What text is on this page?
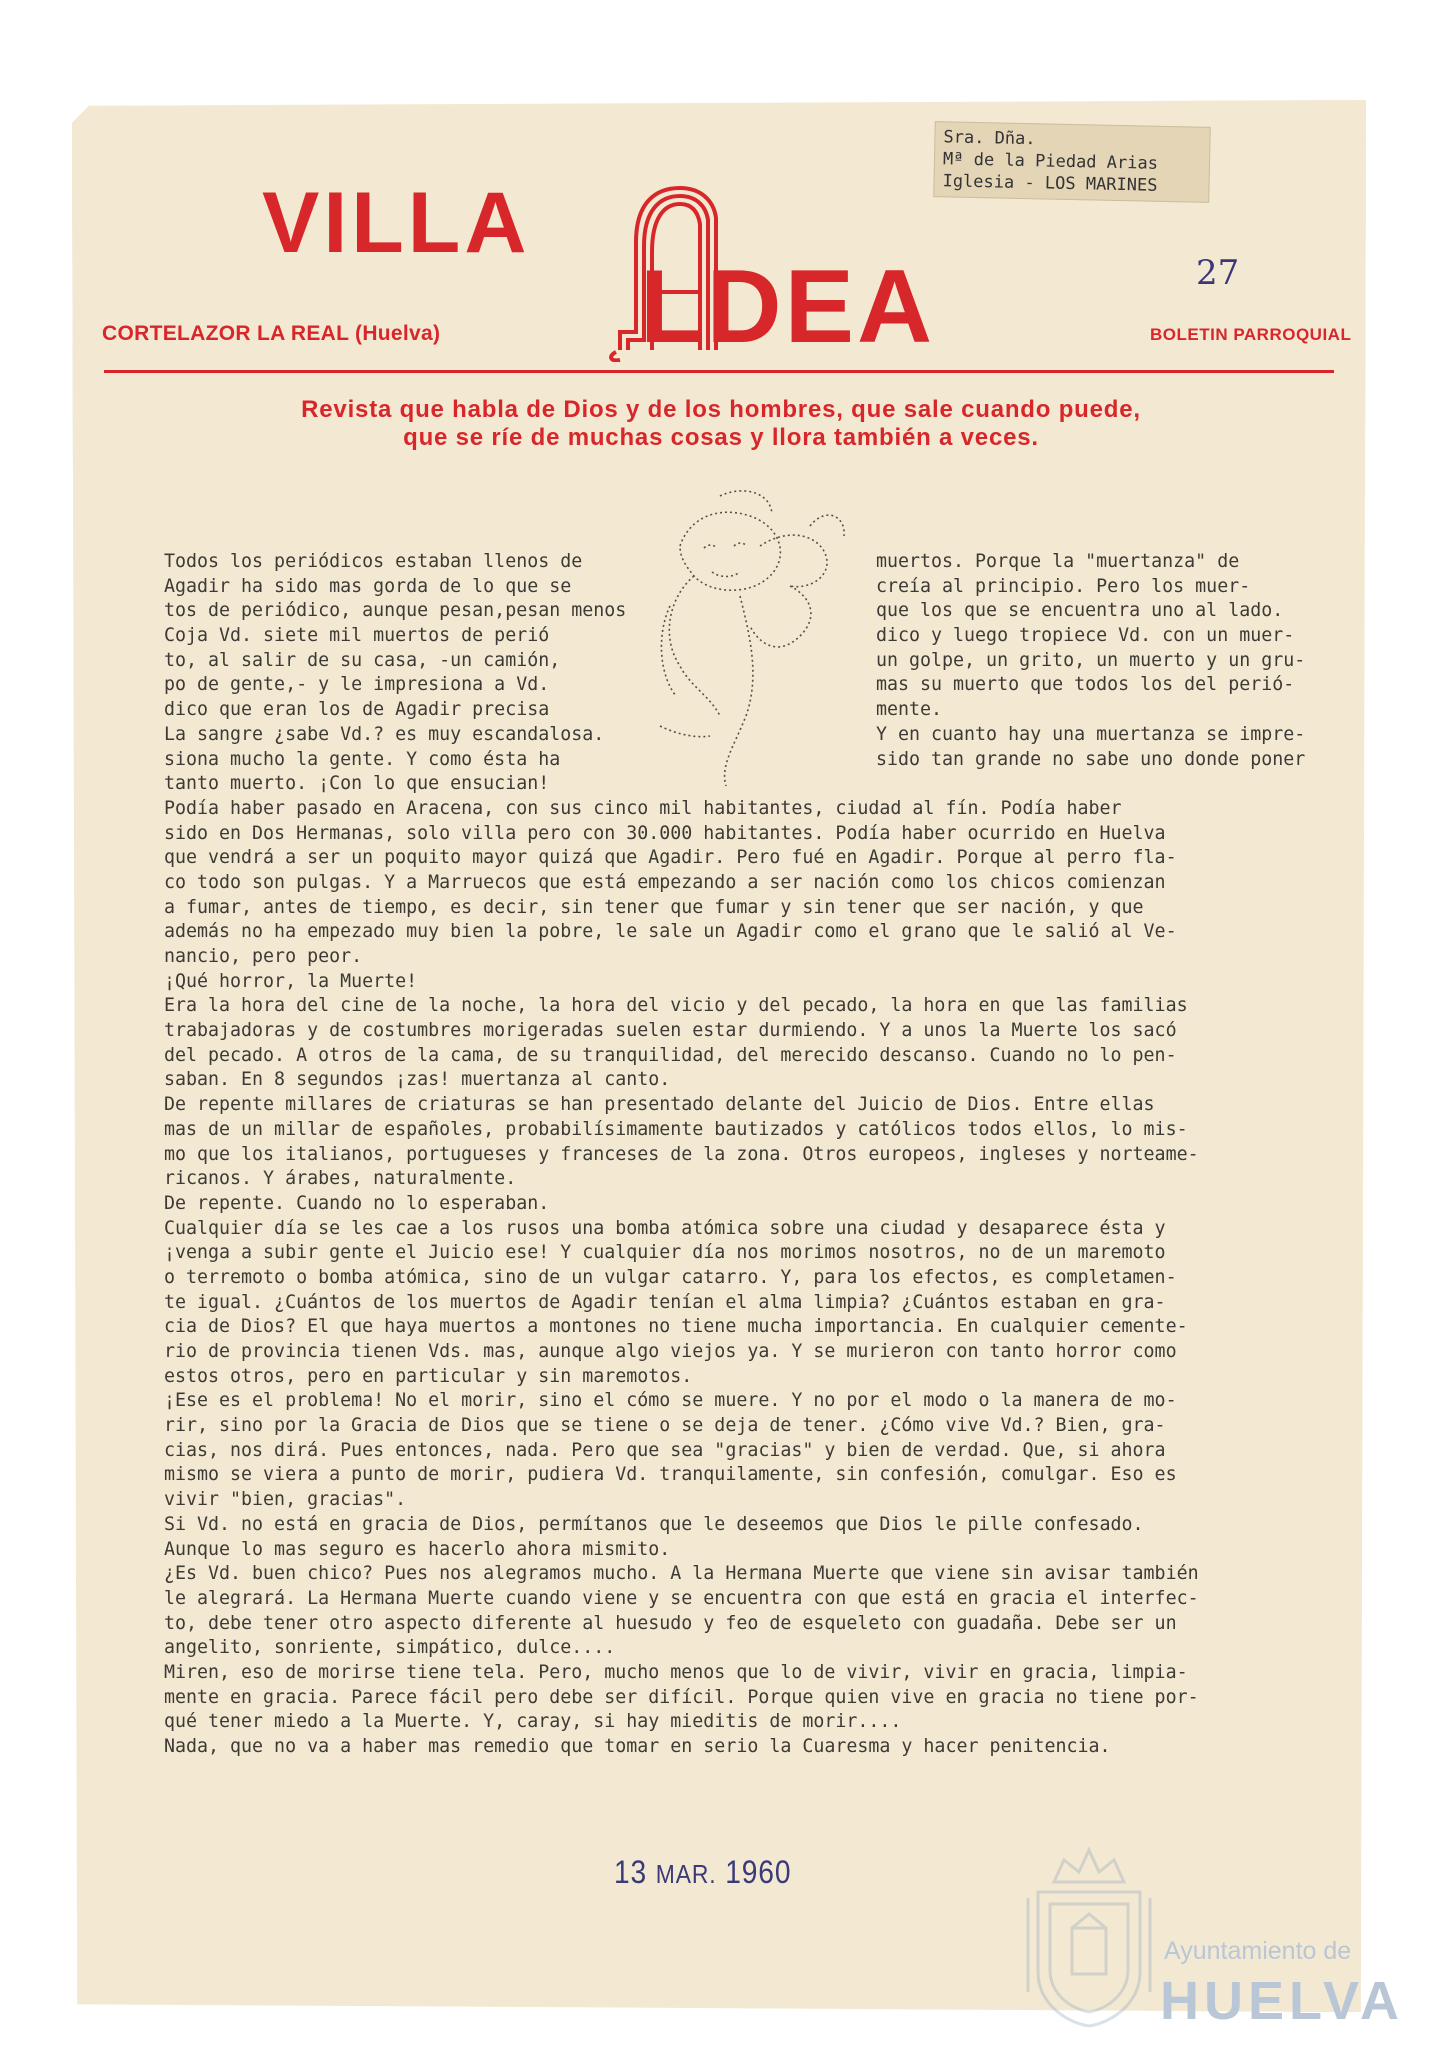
Sra. Dña.
Mª de la Piedad Arias
Iglesia - LOS MARINES
VILLA
LDEA	27
CORTELAZOR LA REAL (Huelva)	BOLETIN PARROQUIAL
Revista que habla de Dios y de los hombres, que sale cuando puede,
que se ríe de muchas cosas y llora también a veces.
Todos los periódicos estaban llenos de	muertos. Porque la "muertanza" de
Agadir ha sido mas gorda de lo que se	creía al principio. Pero los muer-
tos de periódico, aunque pesan,pesan menos	que los que se encuentra uno al lado.
Coja Vd. siete mil muertos de perió	dico y luego tropiece Vd. con un muer-
to, al salir de su casa, -un camión,	un golpe, un grito, un muerto y un gru-
po de gente,- y le impresiona a Vd.	mas su muerto que todos los del perió-
dico que eran los de Agadir precisa	mente.
La sangre ¿sabe Vd.? es muy escandalosa.	Y en cuanto hay una muertanza se impre-
siona mucho la gente. Y como ésta ha	sido tan grande no sabe uno donde poner
tanto muerto. ¡Con lo que ensucian!
Podía haber pasado en Aracena, con sus cinco mil habitantes, ciudad al fín. Podía haber
sido en Dos Hermanas, solo villa pero con 30.000 habitantes. Podía haber ocurrido en Huelva
que vendrá a ser un poquito mayor quizá que Agadir. Pero fué en Agadir. Porque al perro fla-
co todo son pulgas. Y a Marruecos que está empezando a ser nación como los chicos comienzan
a fumar, antes de tiempo, es decir, sin tener que fumar y sin tener que ser nación, y que
además no ha empezado muy bien la pobre, le sale un Agadir como el grano que le salió al Ve-
nancio, pero peor.
¡Qué horror, la Muerte!
Era la hora del cine de la noche, la hora del vicio y del pecado, la hora en que las familias
trabajadoras y de costumbres morigeradas suelen estar durmiendo. Y a unos la Muerte los sacó
del pecado. A otros de la cama, de su tranquilidad, del merecido descanso. Cuando no lo pen-
saban. En 8 segundos ¡zas! muertanza al canto.
De repente millares de criaturas se han presentado delante del Juicio de Dios. Entre ellas
mas de un millar de españoles, probabilísimamente bautizados y católicos todos ellos, lo mis-
mo que los italianos, portugueses y franceses de la zona. Otros europeos, ingleses y norteame-
ricanos. Y árabes, naturalmente.
De repente. Cuando no lo esperaban.
Cualquier día se les cae a los rusos una bomba atómica sobre una ciudad y desaparece ésta y
¡venga a subir gente el Juicio ese! Y cualquier día nos morimos nosotros, no de un maremoto
o terremoto o bomba atómica, sino de un vulgar catarro. Y, para los efectos, es completamen-
te igual. ¿Cuántos de los muertos de Agadir tenían el alma limpia? ¿Cuántos estaban en gra-
cia de Dios? El que haya muertos a montones no tiene mucha importancia. En cualquier cemente-
rio de provincia tienen Vds. mas, aunque algo viejos ya. Y se murieron con tanto horror como
estos otros, pero en particular y sin maremotos.
¡Ese es el problema! No el morir, sino el cómo se muere. Y no por el modo o la manera de mo-
rir, sino por la Gracia de Dios que se tiene o se deja de tener. ¿Cómo vive Vd.? Bien, gra-
cias, nos dirá. Pues entonces, nada. Pero que sea "gracias" y bien de verdad. Que, si ahora
mismo se viera a punto de morir, pudiera Vd. tranquilamente, sin confesión, comulgar. Eso es
vivir "bien, gracias".
Si Vd. no está en gracia de Dios, permítanos que le deseemos que Dios le pille confesado.
Aunque lo mas seguro es hacerlo ahora mismito.
¿Es Vd. buen chico? Pues nos alegramos mucho. A la Hermana Muerte que viene sin avisar también
le alegrará. La Hermana Muerte cuando viene y se encuentra con que está en gracia el interfec-
to, debe tener otro aspecto diferente al huesudo y feo de esqueleto con guadaña. Debe ser un
angelito, sonriente, simpático, dulce....
Miren, eso de morirse tiene tela. Pero, mucho menos que lo de vivir, vivir en gracia, limpia-
mente en gracia. Parece fácil pero debe ser difícil. Porque quien vive en gracia no tiene por-
qué tener miedo a la Muerte. Y, caray, si hay mieditis de morir....
Nada, que no va a haber mas remedio que tomar en serio la Cuaresma y hacer penitencia.
13 MAR. 1960
Ayuntamiento de
HUELVA
